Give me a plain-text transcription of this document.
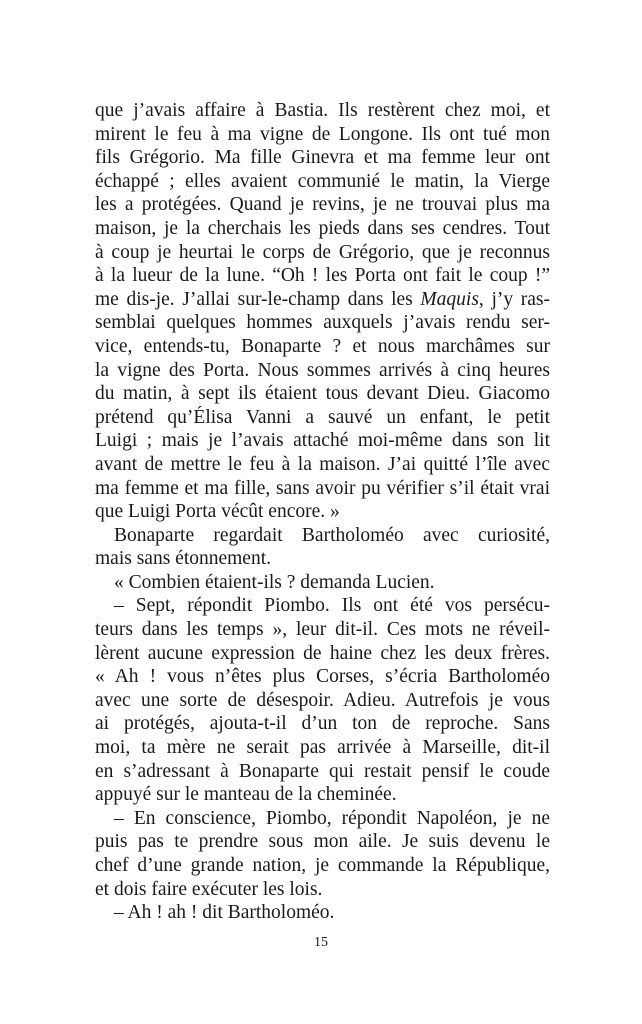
que j’avais affaire à Bastia. Ils restèrent chez moi, et
mirent le feu à ma vigne de Longone. Ils ont tué mon
fils Grégorio. Ma fille Ginevra et ma femme leur ont
échappé ; elles avaient communié le matin, la Vierge
les a protégées. Quand je revins, je ne trouvai plus ma
maison, je la cherchais les pieds dans ses cendres. Tout
à coup je heurtai le corps de Grégorio, que je reconnus
à la lueur de la lune. “Oh ! les Porta ont fait le coup !”
me dis-je. J’allai sur-le-champ dans les Maquis, j’y ras-
semblai quelques hommes auxquels j’avais rendu ser-
vice, entends-tu, Bonaparte ? et nous marchâmes sur
la vigne des Porta. Nous sommes arrivés à cinq heures
du matin, à sept ils étaient tous devant Dieu. Giacomo
prétend qu’Élisa Vanni a sauvé un enfant, le petit
Luigi ; mais je l’avais attaché moi-même dans son lit
avant de mettre le feu à la maison. J’ai quitté l’île avec
ma femme et ma fille, sans avoir pu vérifier s’il était vrai
que Luigi Porta vécût encore. »
Bonaparte regardait Bartholoméo avec curiosité,
mais sans étonnement.
« Combien étaient-ils ? demanda Lucien.
– Sept, répondit Piombo. Ils ont été vos persécu-
teurs dans les temps », leur dit-il. Ces mots ne réveil-
lèrent aucune expression de haine chez les deux frères.
« Ah ! vous n’êtes plus Corses, s’écria Bartholoméo
avec une sorte de désespoir. Adieu. Autrefois je vous
ai protégés, ajouta-t-il d’un ton de reproche. Sans
moi, ta mère ne serait pas arrivée à Marseille, dit-il
en s’adressant à Bonaparte qui restait pensif le coude
appuyé sur le manteau de la cheminée.
– En conscience, Piombo, répondit Napoléon, je ne
puis pas te prendre sous mon aile. Je suis devenu le
chef d’une grande nation, je commande la République,
et dois faire exécuter les lois.
– Ah ! ah ! dit Bartholoméo.
15
